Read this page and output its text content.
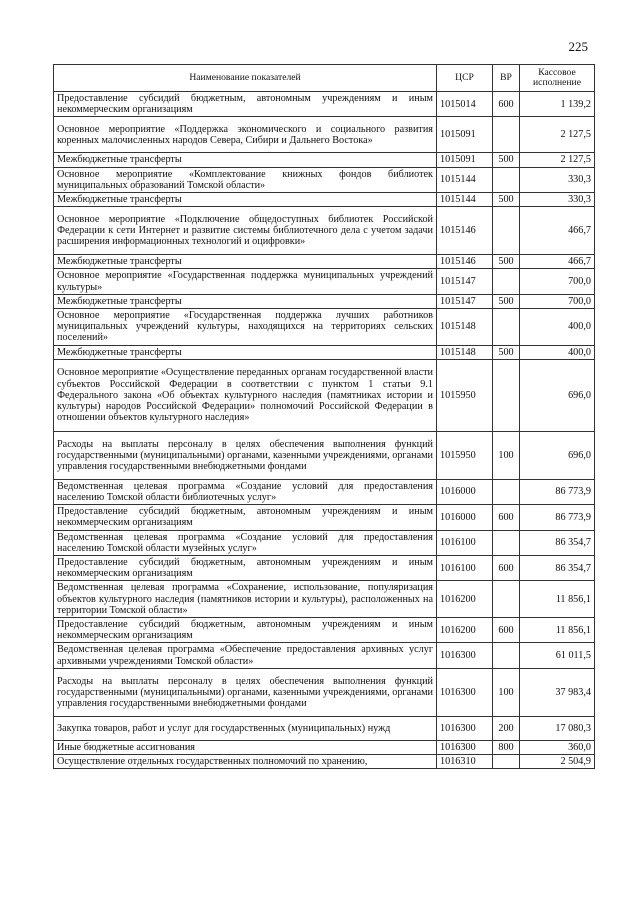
225
Наименование показателей	ЦСР	ВР	Кассовое исполнение
Предоставление субсидий бюджетным, автономным учреждениям и иным некоммерческим организациям	1015014	600	1 139,2
Основное мероприятие «Поддержка экономического и социального развития коренных малочисленных народов Севера, Сибири и Дальнего Востока»	1015091		2 127,5
Межбюджетные трансферты	1015091	500	2 127,5
Основное мероприятие «Комплектование книжных фондов библиотек муниципальных образований Томской области»	1015144		330,3
Межбюджетные трансферты	1015144	500	330,3
Основное мероприятие «Подключение общедоступных библиотек Российской Федерации к сети Интернет и развитие системы библиотечного дела с учетом задачи расширения информационных технологий и оцифровки»	1015146		466,7
Межбюджетные трансферты	1015146	500	466,7
Основное мероприятие «Государственная поддержка муниципальных учреждений культуры»	1015147		700,0
Межбюджетные трансферты	1015147	500	700,0
Основное мероприятие «Государственная поддержка лучших работников муниципальных учреждений культуры, находящихся на территориях сельских поселений»	1015148		400,0
Межбюджетные трансферты	1015148	500	400,0
Основное мероприятие «Осуществление переданных органам государственной власти субъектов Российской Федерации в соответствии с пунктом 1 статьи 9.1 Федерального закона «Об объектах культурного наследия (памятниках истории и культуры) народов Российской Федерации» полномочий Российской Федерации в отношении объектов культурного наследия»	1015950		696,0
Расходы на выплаты персоналу в целях обеспечения выполнения функций государственными (муниципальными) органами, казенными учреждениями, органами управления государственными внебюджетными фондами	1015950	100	696,0
Ведомственная целевая программа «Создание условий для предоставления населению Томской области библиотечных услуг»	1016000		86 773,9
Предоставление субсидий бюджетным, автономным учреждениям и иным некоммерческим организациям	1016000	600	86 773,9
Ведомственная целевая программа «Создание условий для предоставления населению Томской области музейных услуг»	1016100		86 354,7
Предоставление субсидий бюджетным, автономным учреждениям и иным некоммерческим организациям	1016100	600	86 354,7
Ведомственная целевая программа «Сохранение, использование, популяризация объектов культурного наследия (памятников истории и культуры), расположенных на территории Томской области»	1016200		11 856,1
Предоставление субсидий бюджетным, автономным учреждениям и иным некоммерческим организациям	1016200	600	11 856,1
Ведомственная целевая программа «Обеспечение предоставления архивных услуг архивными учреждениями Томской области»	1016300		61 011,5
Расходы на выплаты персоналу в целях обеспечения выполнения функций государственными (муниципальными) органами, казенными учреждениями, органами управления государственными внебюджетными фондами	1016300	100	37 983,4
Закупка товаров, работ и услуг для государственных (муниципальных) нужд	1016300	200	17 080,3
Иные бюджетные ассигнования	1016300	800	360,0
Осуществление отдельных государственных полномочий по хранению,	1016310		2 504,9
